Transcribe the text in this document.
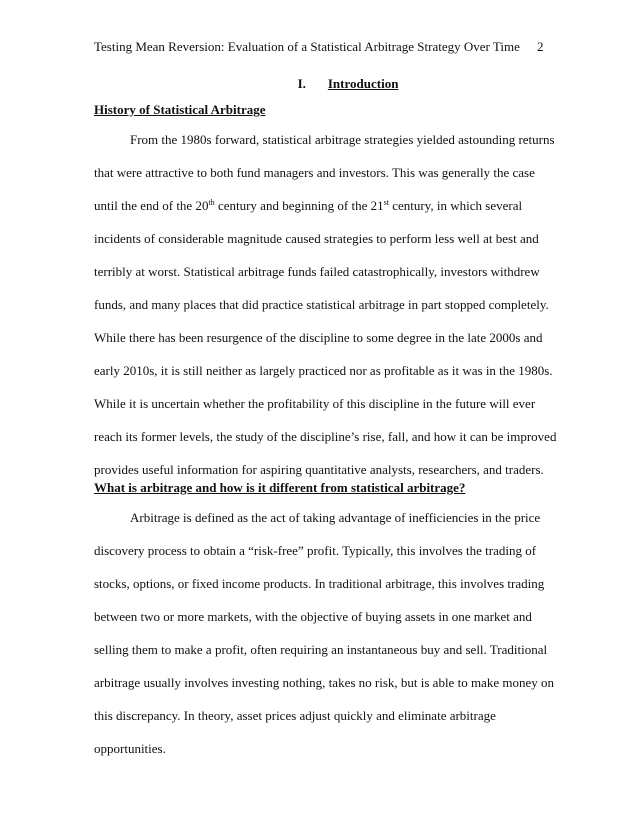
Testing Mean Reversion: Evaluation of a Statistical Arbitrage Strategy Over Time	2
I. Introduction
History of Statistical Arbitrage
From the 1980s forward, statistical arbitrage strategies yielded astounding returns
that were attractive to both fund managers and investors. This was generally the case
until the end of the 20th century and beginning of the 21st century, in which several
incidents of considerable magnitude caused strategies to perform less well at best and
terribly at worst. Statistical arbitrage funds failed catastrophically, investors withdrew
funds, and many places that did practice statistical arbitrage in part stopped completely.
While there has been resurgence of the discipline to some degree in the late 2000s and
early 2010s, it is still neither as largely practiced nor as profitable as it was in the 1980s.
While it is uncertain whether the profitability of this discipline in the future will ever
reach its former levels, the study of the discipline’s rise, fall, and how it can be improved
provides useful information for aspiring quantitative analysts, researchers, and traders.
What is arbitrage and how is it different from statistical arbitrage?
Arbitrage is defined as the act of taking advantage of inefficiencies in the price
discovery process to obtain a “risk-free” profit. Typically, this involves the trading of
stocks, options, or fixed income products. In traditional arbitrage, this involves trading
between two or more markets, with the objective of buying assets in one market and
selling them to make a profit, often requiring an instantaneous buy and sell. Traditional
arbitrage usually involves investing nothing, takes no risk, but is able to make money on
this discrepancy. In theory, asset prices adjust quickly and eliminate arbitrage
opportunities.
